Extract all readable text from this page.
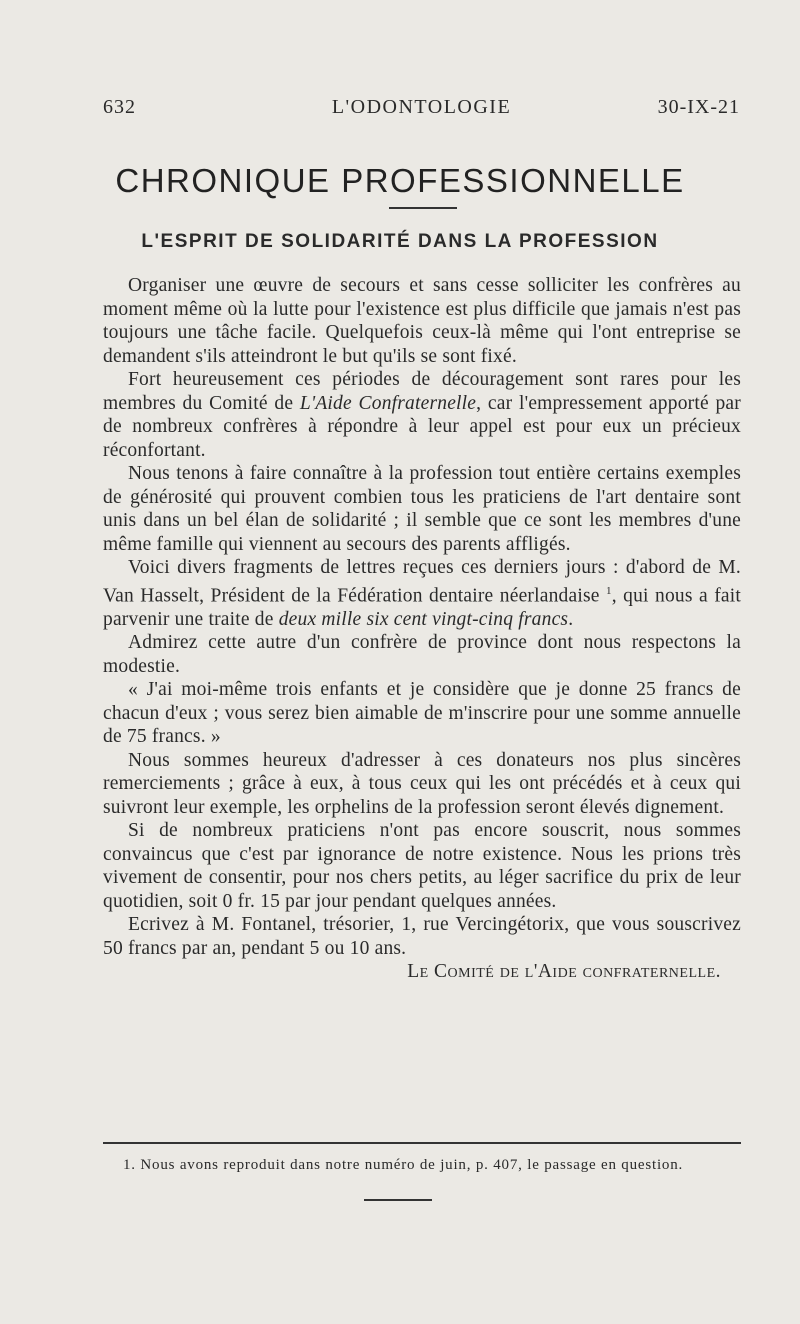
632	L'ODONTOLOGIE	30-IX-21
CHRONIQUE PROFESSIONNELLE
L'ESPRIT DE SOLIDARITÉ DANS LA PROFESSION

Organiser une œuvre de secours et sans cesse solliciter les confrères au moment même où la lutte pour l'existence est plus difficile que jamais n'est pas toujours une tâche facile. Quelquefois ceux-là même qui l'ont entreprise se demandent s'ils atteindront le but qu'ils se sont fixé.

Fort heureusement ces périodes de découragement sont rares pour les membres du Comité de L'Aide Confraternelle, car l'empressement apporté par de nombreux confrères à répondre à leur appel est pour eux un précieux réconfortant.

Nous tenons à faire connaître à la profession tout entière certains exemples de générosité qui prouvent combien tous les praticiens de l'art dentaire sont unis dans un bel élan de solidarité ; il semble que ce sont les membres d'une même famille qui viennent au secours des parents affligés.

Voici divers fragments de lettres reçues ces derniers jours : d'abord de M. Van Hasselt, Président de la Fédération dentaire néerlandaise $^1$, qui nous a fait parvenir une traite de deux mille six cent vingt-cinq francs.

Admirez cette autre d'un confrère de province dont nous respectons la modestie.

« J'ai moi-même trois enfants et je considère que je donne 25 francs de chacun d'eux ; vous serez bien aimable de m'inscrire pour une somme annuelle de 75 francs. »

Nous sommes heureux d'adresser à ces donateurs nos plus sincères remerciements ; grâce à eux, à tous ceux qui les ont précédés et à ceux qui suivront leur exemple, les orphelins de la profession seront élevés dignement.

Si de nombreux praticiens n'ont pas encore souscrit, nous sommes convaincus que c'est par ignorance de notre existence. Nous les prions très vivement de consentir, pour nos chers petits, au léger sacrifice du prix de leur quotidien, soit 0 fr. 15 par jour pendant quelques années.

Ecrivez à M. Fontanel, trésorier, 1, rue Vercingétorix, que vous souscrivez 50 francs par an, pendant 5 ou 10 ans.

Le Comité de l'Aide confraternelle.

1. Nous avons reproduit dans notre numéro de juin, p. 407, le passage en question.
